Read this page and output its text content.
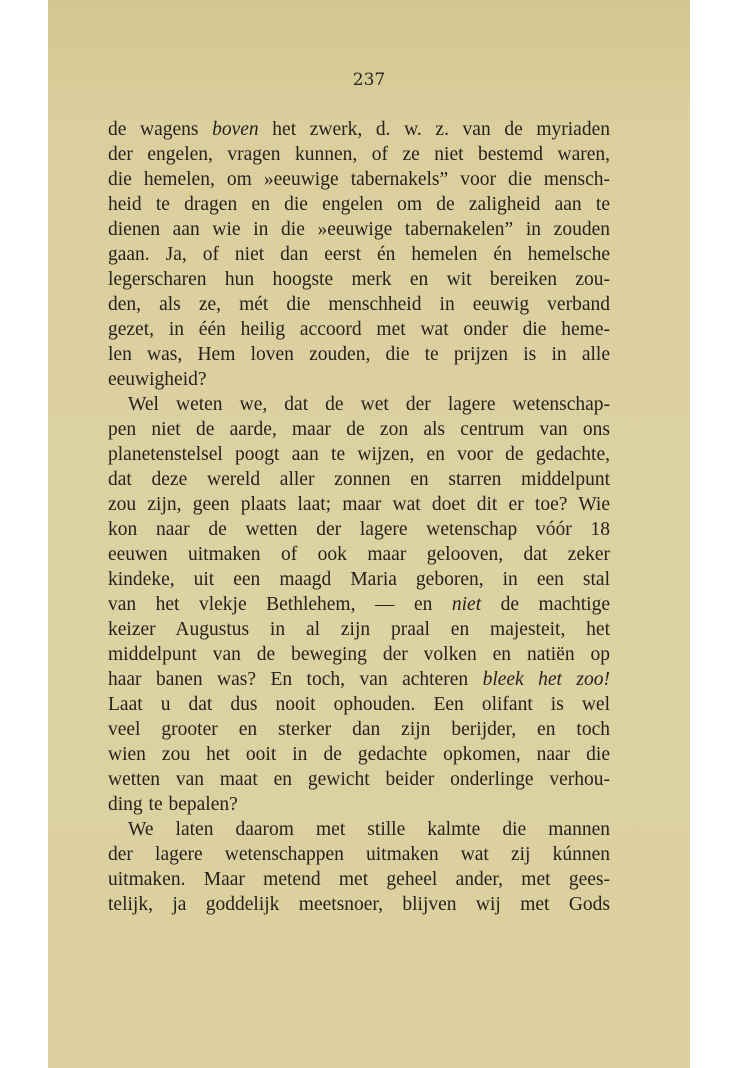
237
de wagens boven het zwerk, d. w. z. van de myriaden
der engelen, vragen kunnen, of ze niet bestemd waren,
die hemelen, om »eeuwige tabernakels” voor die mensch-
heid te dragen en die engelen om de zaligheid aan te
dienen aan wie in die »eeuwige tabernakelen” in zouden
gaan. Ja, of niet dan eerst én hemelen én hemelsche
legerscharen hun hoogste merk en wit bereiken zou-
den, als ze, mét die menschheid in eeuwig verband
gezet, in één heilig accoord met wat onder die heme-
len was, Hem loven zouden, die te prijzen is in alle
eeuwigheid?
Wel weten we, dat de wet der lagere wetenschap-
pen niet de aarde, maar de zon als centrum van ons
planetenstelsel poogt aan te wijzen, en voor de gedachte,
dat deze wereld aller zonnen en starren middelpunt
zou zijn, geen plaats laat; maar wat doet dit er toe? Wie
kon naar de wetten der lagere wetenschap vóór 18
eeuwen uitmaken of ook maar gelooven, dat zeker
kindeke, uit een maagd Maria geboren, in een stal
van het vlekje Bethlehem, — en niet de machtige
keizer Augustus in al zijn praal en majesteit, het
middelpunt van de beweging der volken en natiën op
haar banen was? En toch, van achteren bleek het zoo!
Laat u dat dus nooit ophouden. Een olifant is wel
veel grooter en sterker dan zijn berijder, en toch
wien zou het ooit in de gedachte opkomen, naar die
wetten van maat en gewicht beider onderlinge verhou-
ding te bepalen?
We laten daarom met stille kalmte die mannen
der lagere wetenschappen uitmaken wat zij kúnnen
uitmaken. Maar metend met geheel ander, met gees-
telijk, ja goddelijk meetsnoer, blijven wij met Gods
